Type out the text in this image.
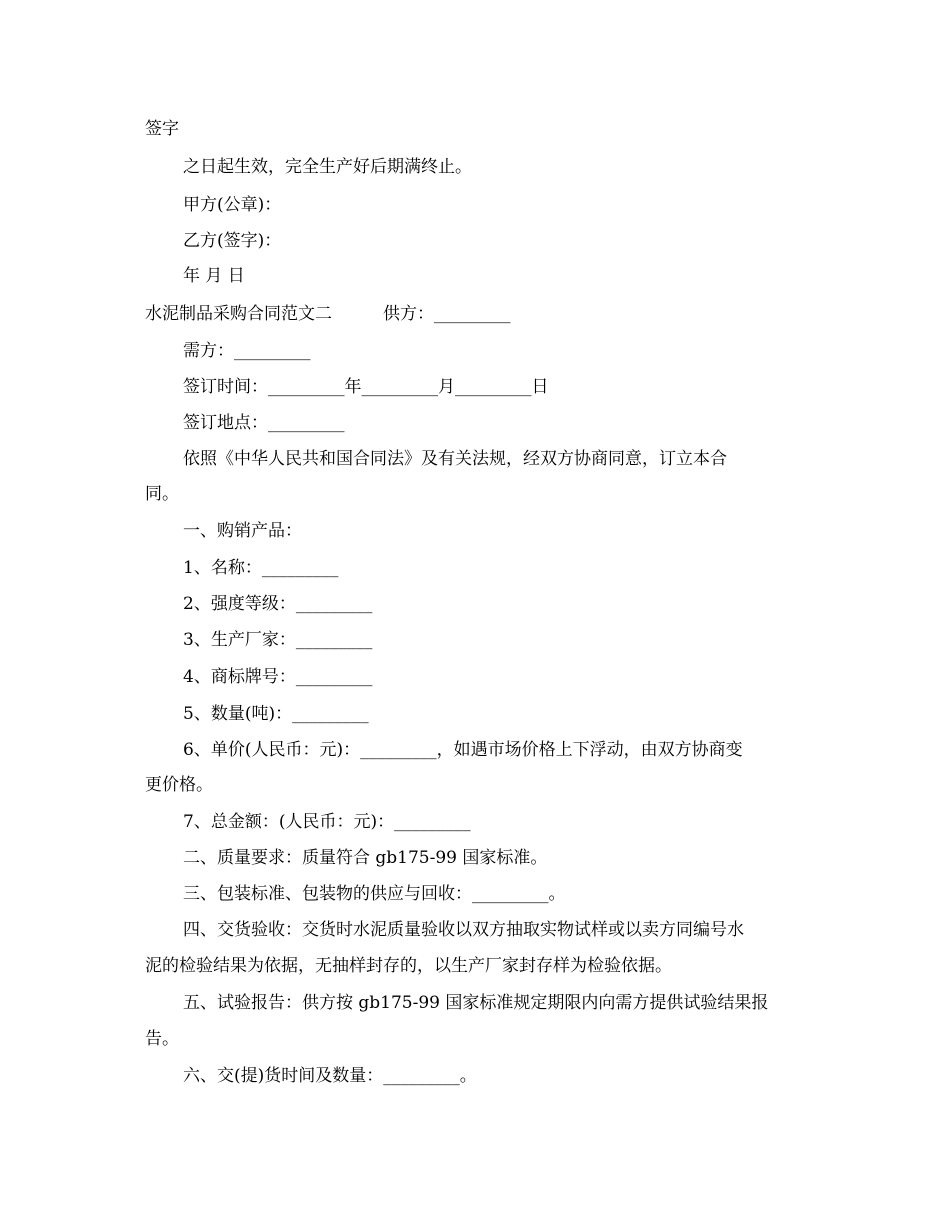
签字
之日起生效，完全生产好后期满终止。
甲方(公章)：
乙方(签字)：
年 月 日
水泥制品采购合同范文二　　　供方：_________
需方：_________
签订时间：_________年_________月_________日
签订地点：_________
依照《中华人民共和国合同法》及有关法规，经双方协商同意，订立本合
同。
一、购销产品：
1、名称：_________
2、强度等级：_________
3、生产厂家：_________
4、商标牌号：_________
5、数量(吨)：_________
6、单价(人民币：元)：_________，如遇市场价格上下浮动，由双方协商变
更价格。
7、总金额：(人民币：元)：_________
二、质量要求：质量符合 gb175-99 国家标准。
三、包装标准、包装物的供应与回收：_________。
四、交货验收：交货时水泥质量验收以双方抽取实物试样或以卖方同编号水
泥的检验结果为依据，无抽样封存的，以生产厂家封存样为检验依据。
五、试验报告：供方按 gb175-99 国家标准规定期限内向需方提供试验结果报
告。
六、交(提)货时间及数量：_________。
